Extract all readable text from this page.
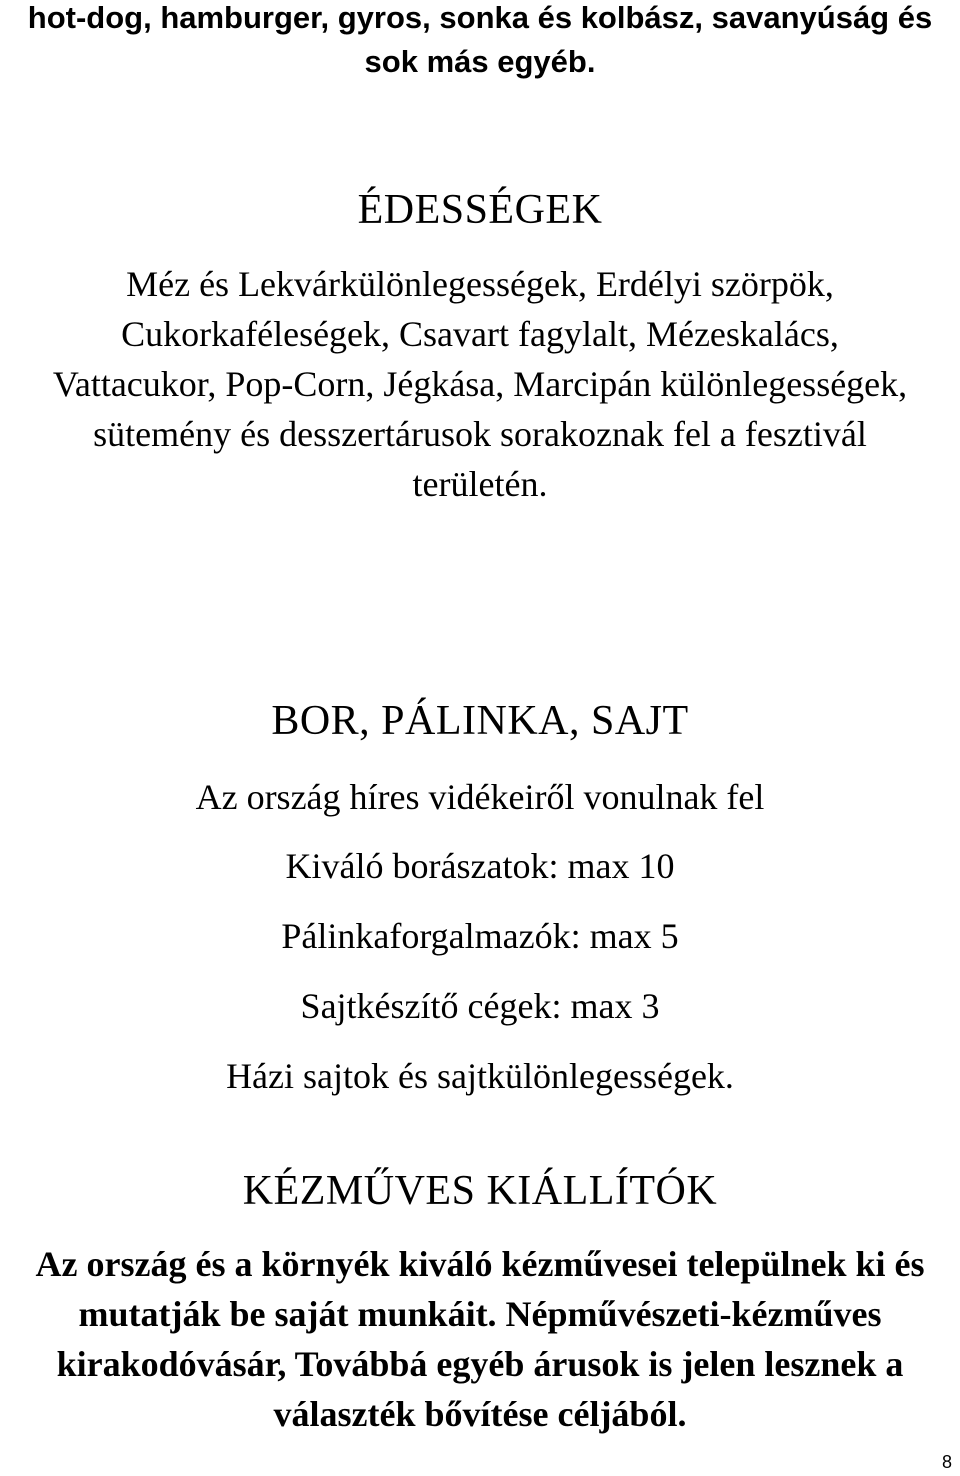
hot-dog, hamburger, gyros, sonka és kolbász, savanyúság és
sok más egyéb.
ÉDESSÉGEK
Méz és Lekvárkülönlegességek, Erdélyi szörpök,
Cukorkaféleségek, Csavart fagylalt, Mézeskalács,
Vattacukor, Pop-Corn, Jégkása, Marcipán különlegességek,
sütemény és desszertárusok sorakoznak fel a fesztivál
területén.
BOR, PÁLINKA, SAJT
Az ország híres vidékeiről vonulnak fel
Kiváló borászatok: max 10
Pálinkaforgalmazók: max 5
Sajtkészítő cégek: max 3
Házi sajtok és sajtkülönlegességek.
KÉZMŰVES KIÁLLÍTÓK
Az ország és a környék kiváló kézművesei települnek ki és
mutatják be saját munkáit. Népművészeti-kézműves
kirakodóvásár, Továbbá egyéb árusok is jelen lesznek a
választék bővítése céljából.
8
